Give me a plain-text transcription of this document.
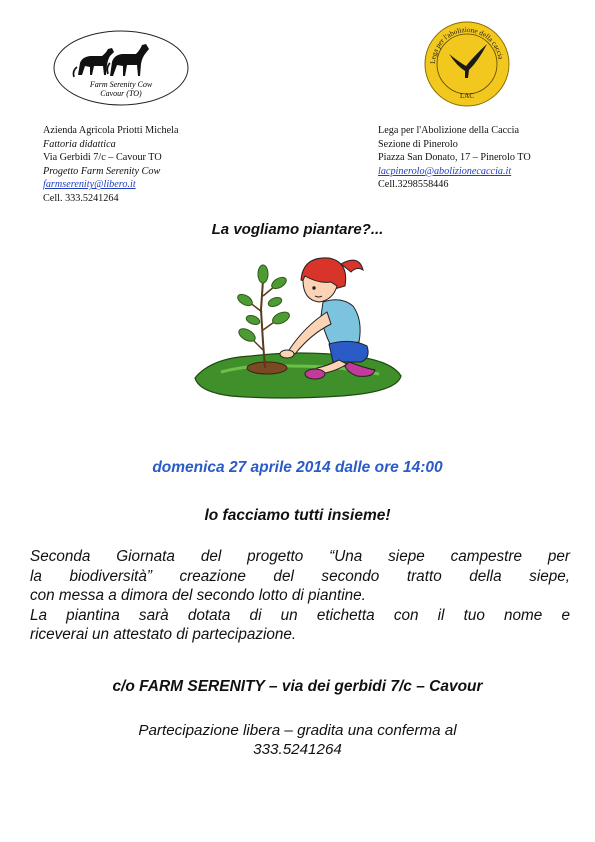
Farm Serenity Cow
Cavour (TO)
Lega per l'abolizione della caccia
LAC
Azienda Agricola Priotti Michela
Fattoria didattica
Via Gerbidi 7/c – Cavour TO
Progetto Farm Serenity Cow
farmserenity@libero.it
Cell. 333.5241264
Lega per l'Abolizione della Caccia
Sezione di Pinerolo
Piazza San Donato, 17 – Pinerolo TO
lacpinerolo@abolizionecaccia.it
Cell.3298558446
La vogliamo piantare?...
domenica 27 aprile 2014 dalle ore 14:00
lo facciamo tutti insieme!
Seconda Giornata del progetto “Una siepe campestre per
la biodiversità” creazione del secondo tratto della siepe,
con messa a dimora del secondo lotto di piantine.
La piantina sarà dotata di un etichetta con il tuo nome e
riceverai un attestato di partecipazione.
c/o FARM SERENITY – via dei gerbidi 7/c – Cavour
Partecipazione libera – gradita una conferma al
333.5241264
